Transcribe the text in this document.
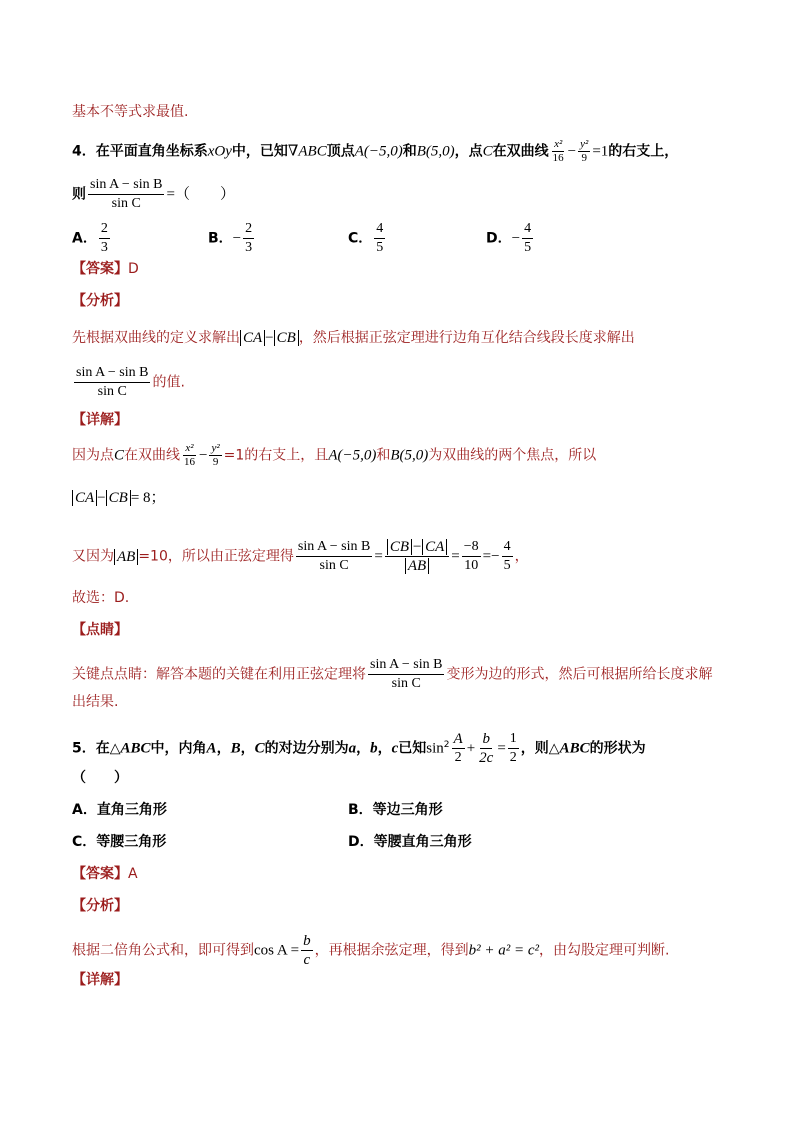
基本不等式求最值.
4．在平面直角坐标系xOy中，已知∇ABC顶点A(−5,0)和B(5,0)，点C在双曲线 $\frac{\text{x²}}{16} - \frac{\text{y²}}{9} =1$的右支上，
则 $\frac{\text{sin A − sin B}}{\text{sin C}}$ =（　　）
A． $\frac{2}{3}$	B．− $\frac{2}{3}$	C． $\frac{4}{5}$	D．− $\frac{4}{5}$
【答案】D
【分析】
先根据双曲线的定义求解出 CA − CB ，然后根据正弦定理进行边角互化结合线段长度求解出
$\frac{\text{sin A − sin B}}{\text{sin C}}$ 的值.
【详解】
因为点C在双曲线 $\frac{\text{x²}}{16} - \frac{\text{y²}}{9} =1$的右支上，且A(−5,0)和B(5,0)为双曲线的两个焦点，所以
CA − CB = 8；
又因为 AB =10，所以由正弦定理得 $\frac{\text{sin A − sin B}}{\text{sin C}} = \frac{CB - CA}{AB} = \frac{-8}{10} =- \frac{4}{5}$ ，
故选：D.
【点睛】
关键点点睛：解答本题的关键在利用正弦定理将 $\frac{\text{sin A − sin B}}{\text{sin C}}$ 变形为边的形式，然后可根据所给长度求解
出结果.
5．在△ABC中，内角A，B，C的对边分别为a，b，c已知$\sin^2 \frac{A}{2} + \frac{b}{2c} = \frac{1}{2}$ ，则△ABC的形状为
（　　）
A．直角三角形	B．等边三角形
C．等腰三角形	D．等腰直角三角形
【答案】A
【分析】
根据二倍角公式和，即可得到$\cos A = \frac{b}{c}$ ，再根据余弦定理，得到b² + a² = c²，由勾股定理可判断.
【详解】
